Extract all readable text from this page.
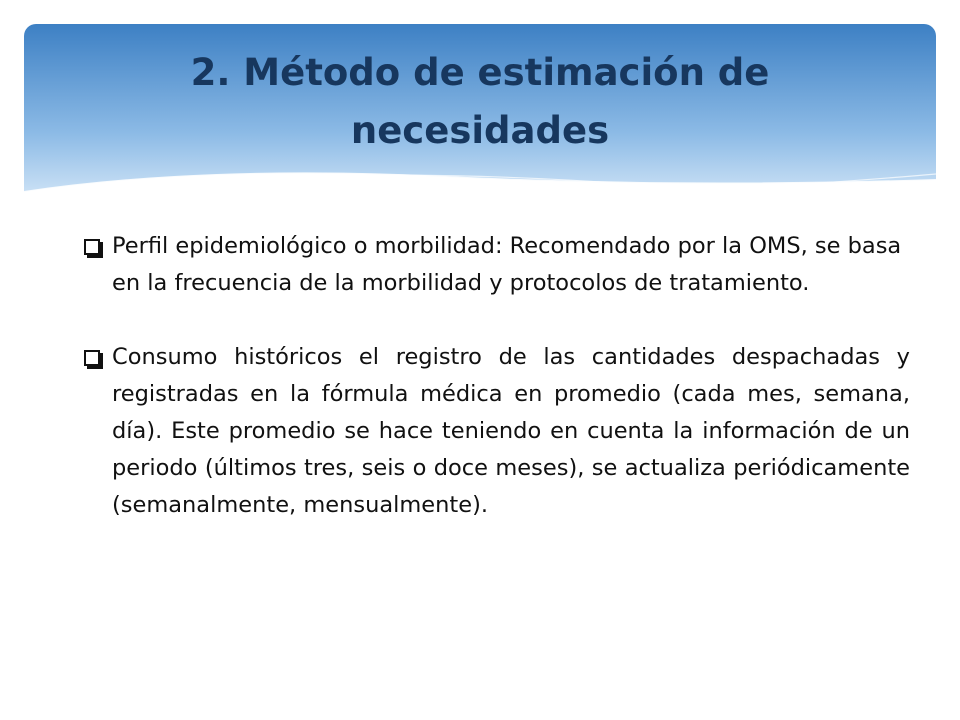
2. Método de estimación de
necesidades

Perfil epidemiológico o morbilidad: Recomendado por la OMS, se basa en la frecuencia de la morbilidad y protocolos de tratamiento.

Consumo históricos el registro de las cantidades despachadas y registradas en la fórmula médica en promedio (cada mes, semana, día). Este promedio se hace teniendo en cuenta la información de un periodo (últimos tres, seis o doce meses), se actualiza periódicamente (semanalmente, mensualmente).
